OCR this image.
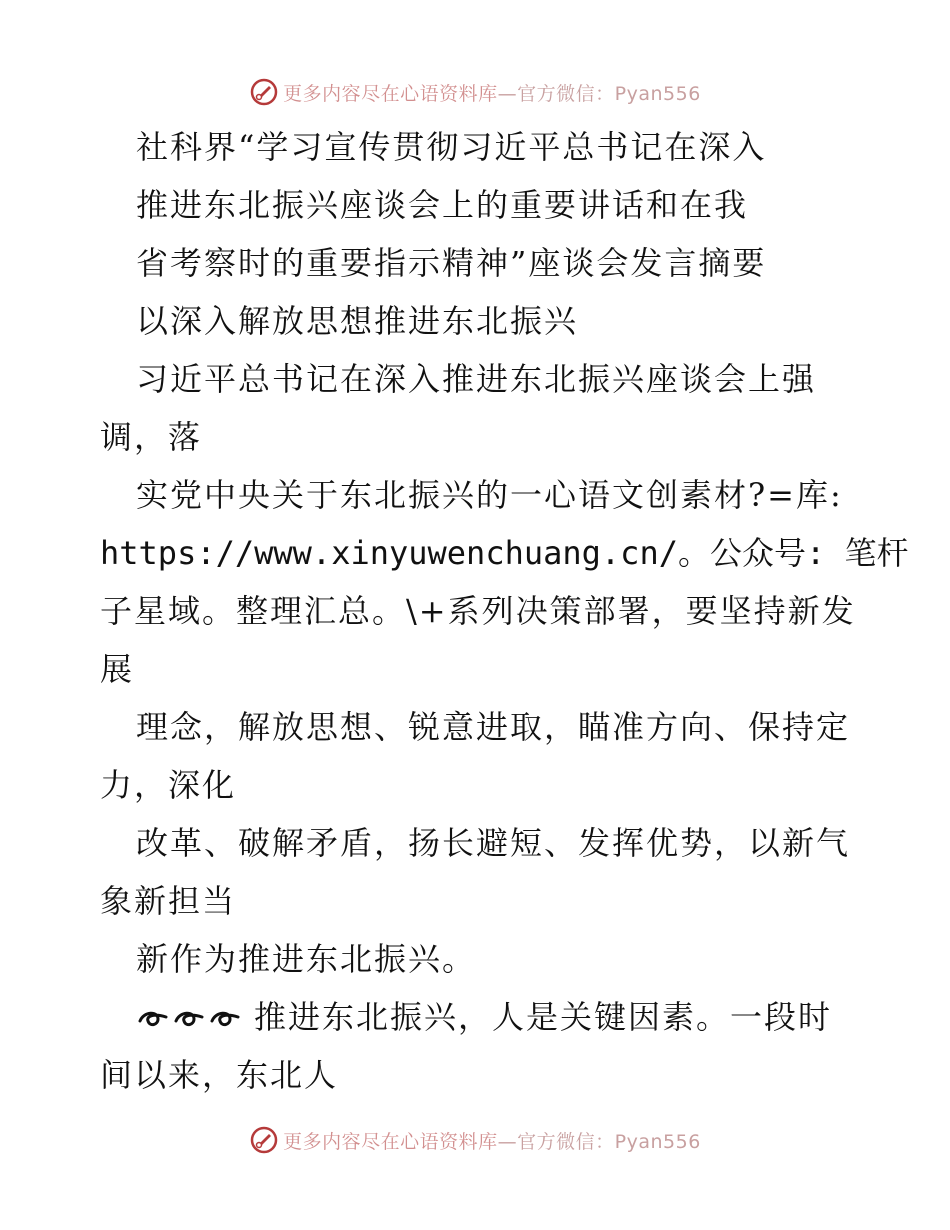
更多内容尽在心语资料库—官方微信：Pyan556
社科界“学习宣传贯彻习近平总书记在深入
推进东北振兴座谈会上的重要讲话和在我
省考察时的重要指示精神”座谈会发言摘要
以深入解放思想推进东北振兴
习近平总书记在深入推进东北振兴座谈会上强
调，落
实党中央关于东北振兴的一心语文创素材?=库:
https://www.xinyuwenchuang.cn/。公众号: 笔杆
子星域。整理汇总。\+系列决策部署，要坚持新发
展
理念，解放思想、锐意进取，瞄准方向、保持定
力，深化
改革、破解矛盾，扬长避短、发挥优势，以新气
象新担当
新作为推进东北振兴。
推进东北振兴，人是关键因素。一段时
间以来，东北人
更多内容尽在心语资料库—官方微信：Pyan556
